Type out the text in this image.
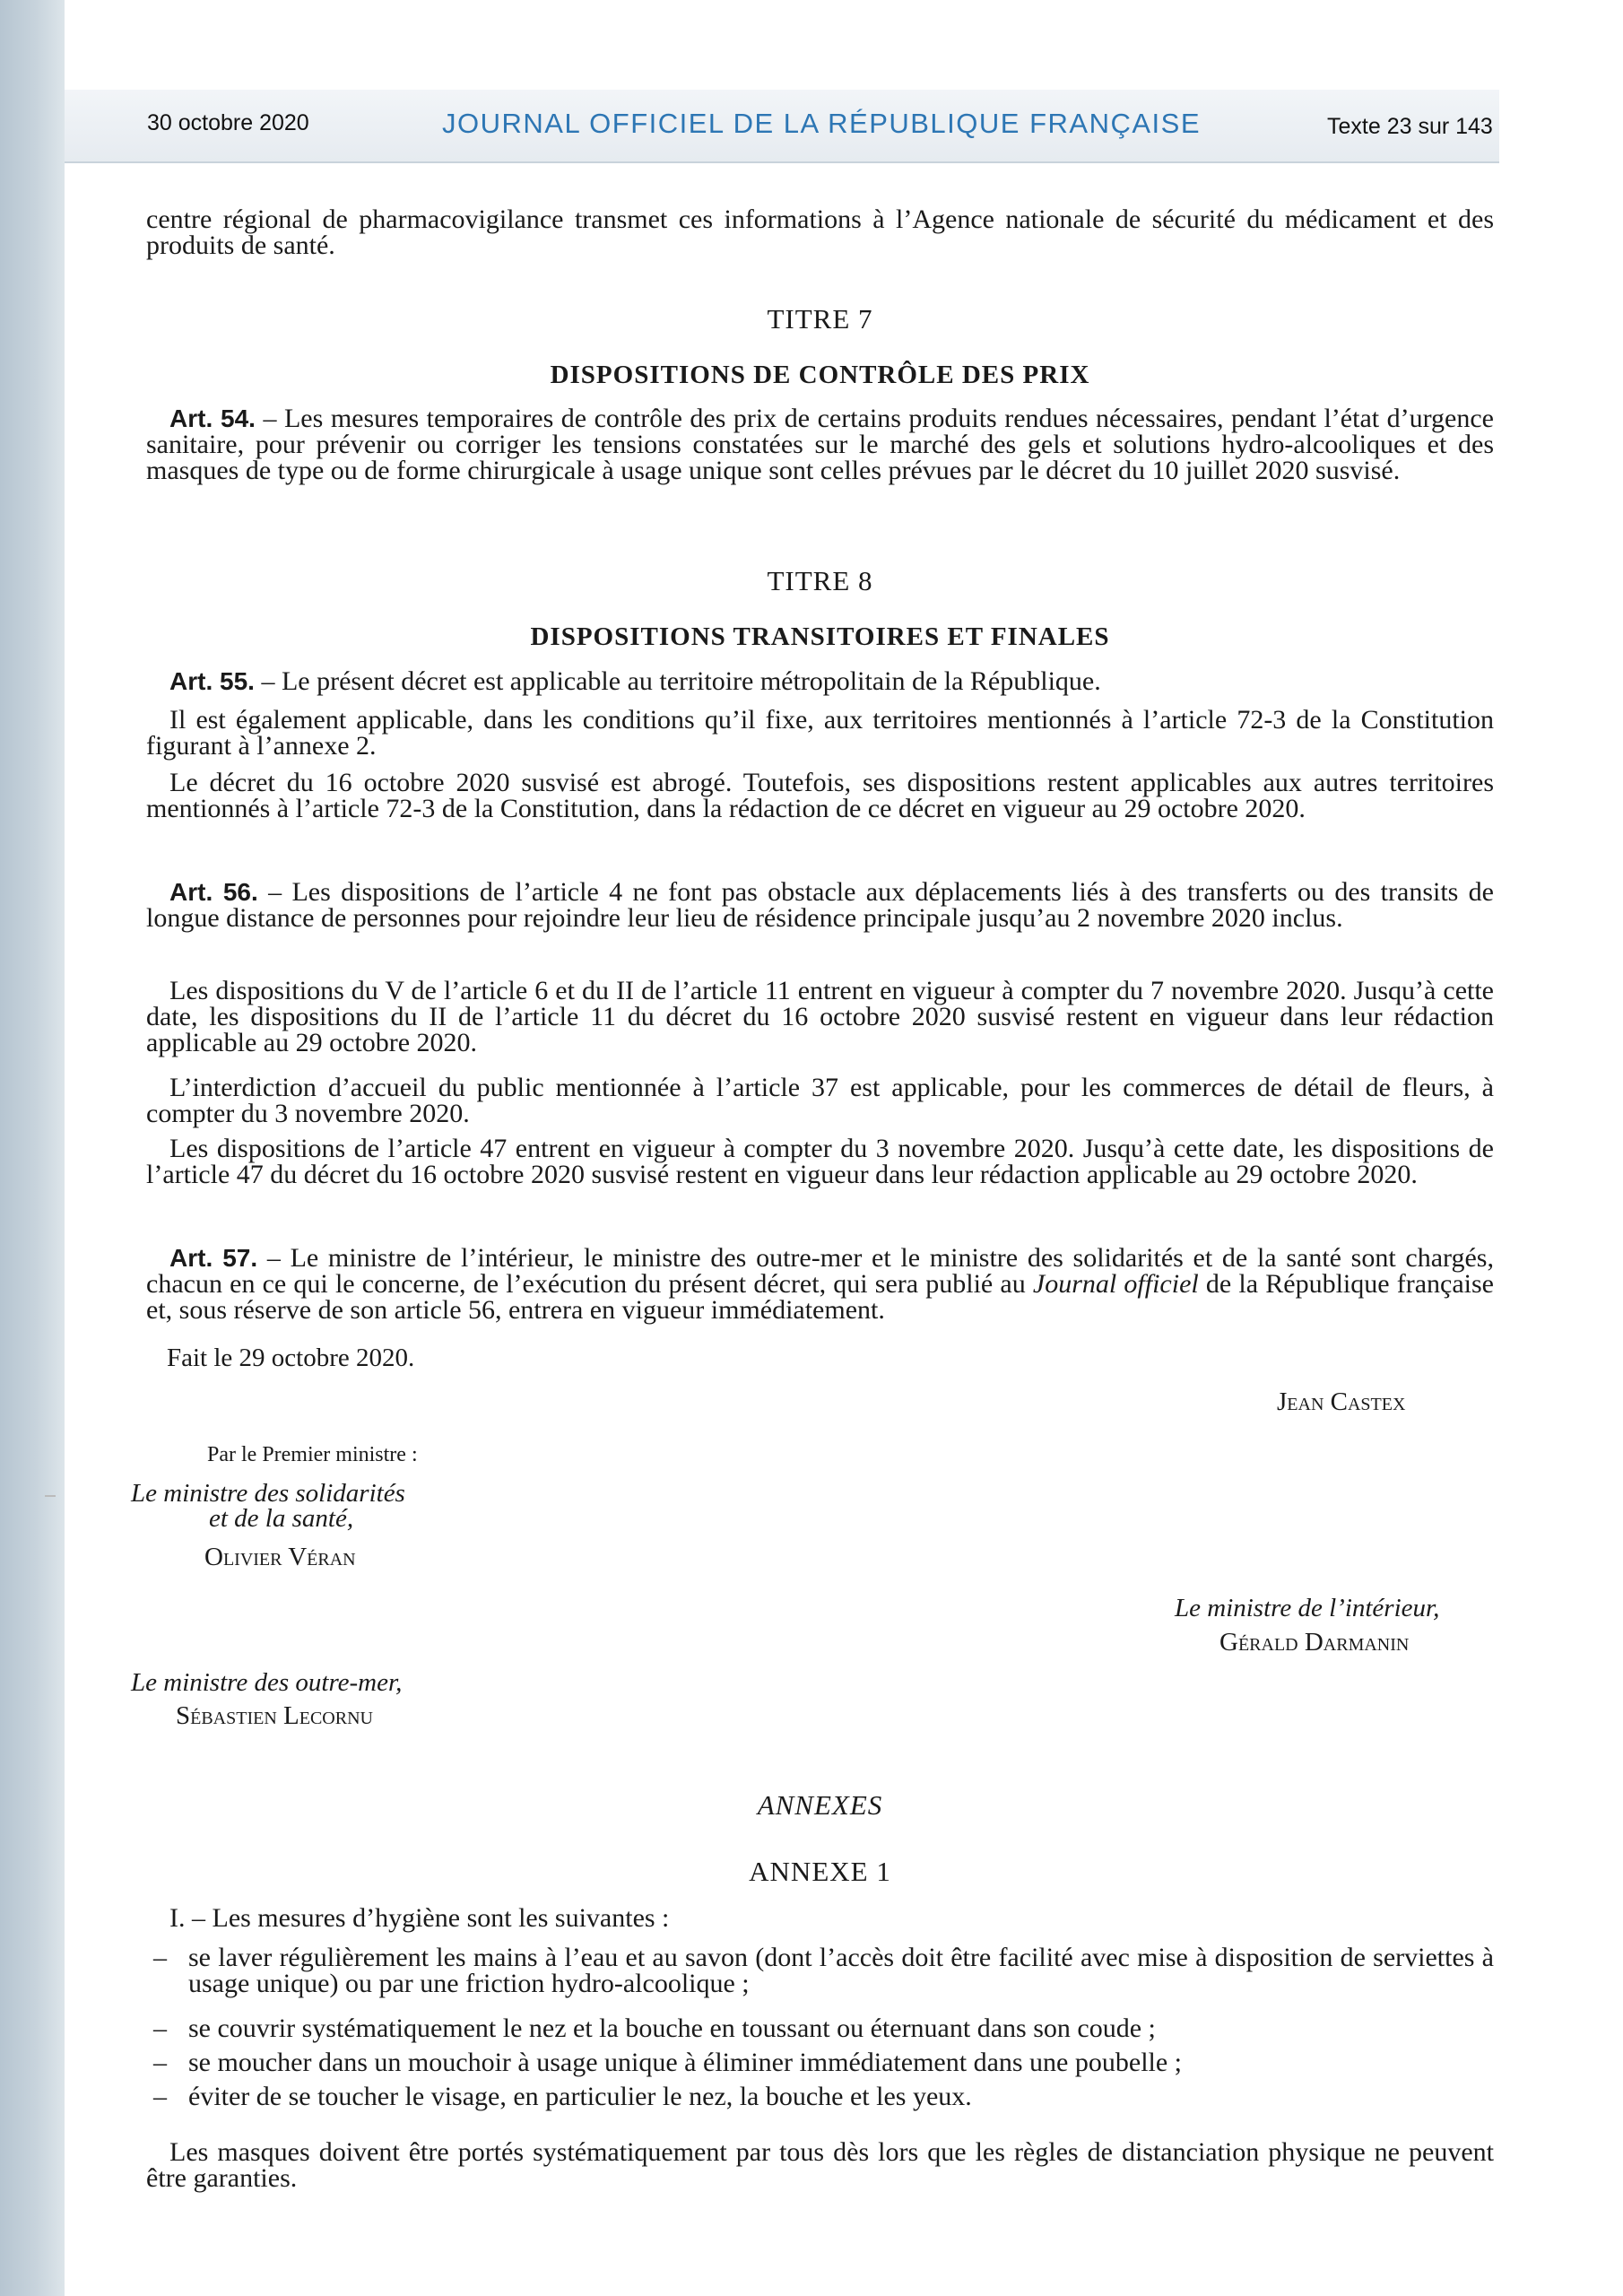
30 octobre 2020	JOURNAL OFFICIEL DE LA RÉPUBLIQUE FRANÇAISE	Texte 23 sur 143

centre régional de pharmacovigilance transmet ces informations à l’Agence nationale de sécurité du médicament et des produits de santé.

TITRE 7
DISPOSITIONS DE CONTRÔLE DES PRIX

Art. 54. – Les mesures temporaires de contrôle des prix de certains produits rendues nécessaires, pendant l’état d’urgence sanitaire, pour prévenir ou corriger les tensions constatées sur le marché des gels et solutions hydro-alcooliques et des masques de type ou de forme chirurgicale à usage unique sont celles prévues par le décret du 10 juillet 2020 susvisé.

TITRE 8
DISPOSITIONS TRANSITOIRES ET FINALES

Art. 55. – Le présent décret est applicable au territoire métropolitain de la République.

Il est également applicable, dans les conditions qu’il fixe, aux territoires mentionnés à l’article 72-3 de la Constitution figurant à l’annexe 2.

Le décret du 16 octobre 2020 susvisé est abrogé. Toutefois, ses dispositions restent applicables aux autres territoires mentionnés à l’article 72-3 de la Constitution, dans la rédaction de ce décret en vigueur au 29 octobre 2020.

Art. 56. – Les dispositions de l’article 4 ne font pas obstacle aux déplacements liés à des transferts ou des transits de longue distance de personnes pour rejoindre leur lieu de résidence principale jusqu’au 2 novembre 2020 inclus.

Les dispositions du V de l’article 6 et du II de l’article 11 entrent en vigueur à compter du 7 novembre 2020. Jusqu’à cette date, les dispositions du II de l’article 11 du décret du 16 octobre 2020 susvisé restent en vigueur dans leur rédaction applicable au 29 octobre 2020.

L’interdiction d’accueil du public mentionnée à l’article 37 est applicable, pour les commerces de détail de fleurs, à compter du 3 novembre 2020.

Les dispositions de l’article 47 entrent en vigueur à compter du 3 novembre 2020. Jusqu’à cette date, les dispositions de l’article 47 du décret du 16 octobre 2020 susvisé restent en vigueur dans leur rédaction applicable au 29 octobre 2020.

Art. 57. – Le ministre de l’intérieur, le ministre des outre-mer et le ministre des solidarités et de la santé sont chargés, chacun en ce qui le concerne, de l’exécution du présent décret, qui sera publié au Journal officiel de la République française et, sous réserve de son article 56, entrera en vigueur immédiatement.

Fait le 29 octobre 2020.
Jean Castex
Par le Premier ministre :
Le ministre des solidarités
et de la santé,
Olivier Véran
Le ministre de l’intérieur,
Gérald Darmanin
Le ministre des outre-mer,
Sébastien Lecornu
ANNEXES
ANNEXE 1

I. – Les mesures d’hygiène sont les suivantes :

– se laver régulièrement les mains à l’eau et au savon (dont l’accès doit être facilité avec mise à disposition de serviettes à usage unique) ou par une friction hydro-alcoolique ;

– se couvrir systématiquement le nez et la bouche en toussant ou éternuant dans son coude ;

– se moucher dans un mouchoir à usage unique à éliminer immédiatement dans une poubelle ;

– éviter de se toucher le visage, en particulier le nez, la bouche et les yeux.

Les masques doivent être portés systématiquement par tous dès lors que les règles de distanciation physique ne peuvent être garanties.
